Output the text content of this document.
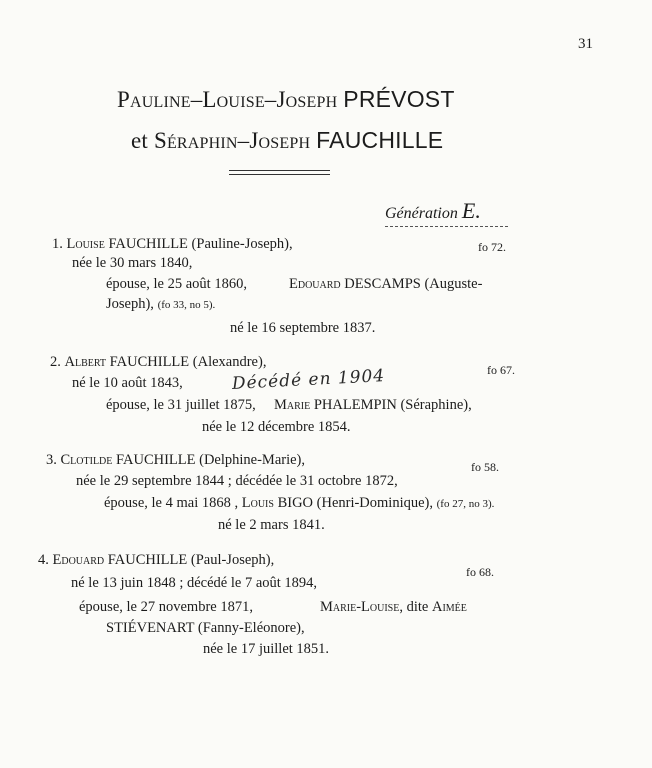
31
Pauline–Louise–Joseph PRÉVOST
et Séraphin–Joseph FAUCHILLE
Génération E.
1. Louise FAUCHILLE (Pauline-Joseph),	fo 72.
née le 30 mars 1840,
épouse, le 25 août 1860,	Edouard DESCAMPS (Auguste-
Joseph), (fo 33, no 5).
né le 16 septembre 1837.
2. Albert FAUCHILLE (Alexandre),	fo 67.
né le 10 août 1843,	Décédé en 1904
épouse, le 31 juillet 1875, Marie PHALEMPIN (Séraphine),
née le 12 décembre 1854.
3. Clotilde FAUCHILLE (Delphine-Marie),	fo 58.
née le 29 septembre 1844 ; décédée le 31 octobre 1872,
épouse, le 4 mai 1868 , Louis BIGO (Henri-Dominique), (fo 27, no 3).
né le 2 mars 1841.
4. Edouard FAUCHILLE (Paul-Joseph),
fo 68.
né le 13 juin 1848 ; décédé le 7 août 1894,
épouse, le 27 novembre 1871,	Marie-Louise, dite Aimée
STIÉVENART (Fanny-Eléonore),
née le 17 juillet 1851.
